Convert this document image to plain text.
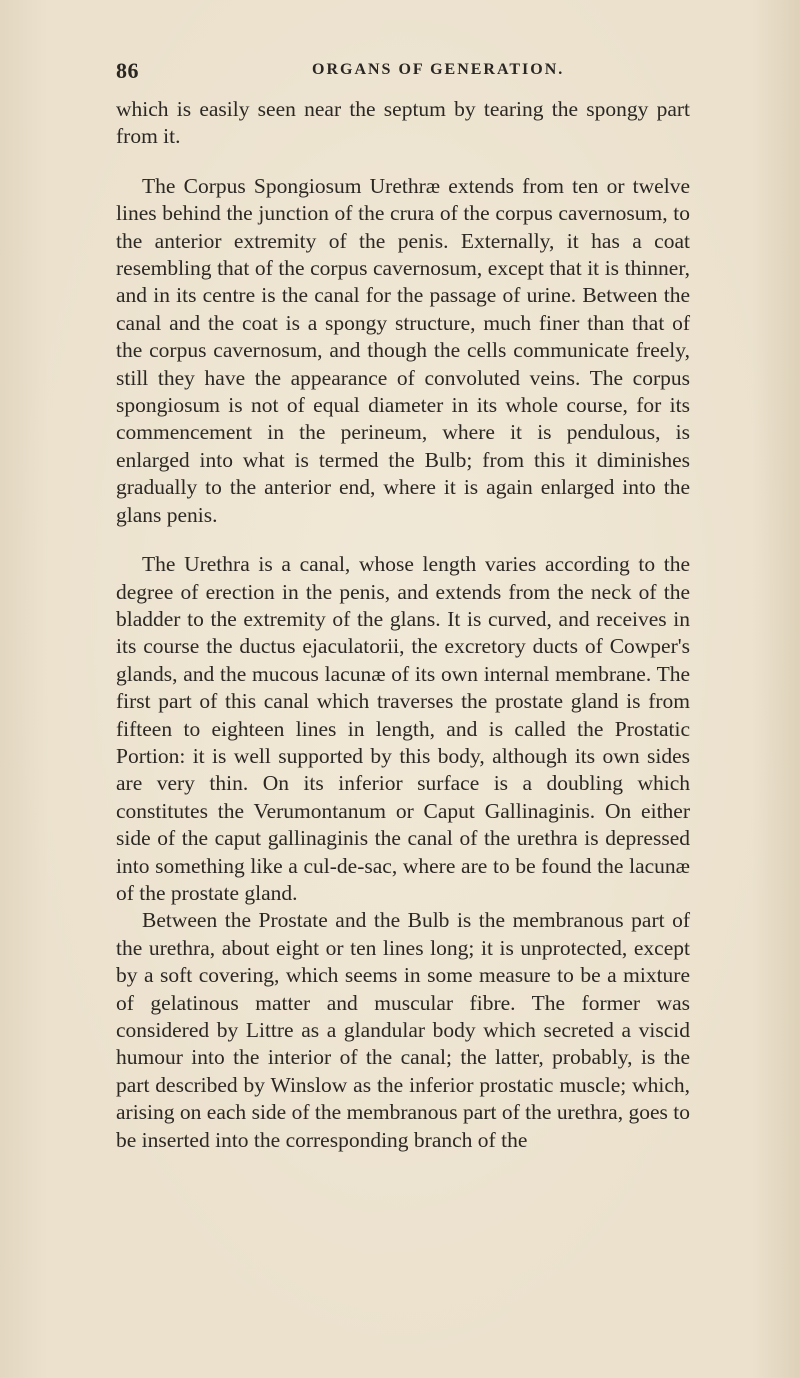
86	ORGANS OF GENERATION.

which is easily seen near the septum by tearing the spongy part from it.

The Corpus Spongiosum Urethræ extends from ten or twelve lines behind the junction of the crura of the corpus cavernosum, to the anterior extremity of the penis. Externally, it has a coat resembling that of the corpus cavernosum, except that it is thinner, and in its centre is the canal for the passage of urine. Between the canal and the coat is a spongy structure, much finer than that of the corpus cavernosum, and though the cells communicate freely, still they have the appearance of convoluted veins. The corpus spongiosum is not of equal diameter in its whole course, for its commencement in the perineum, where it is pendulous, is enlarged into what is termed the Bulb; from this it diminishes gradually to the anterior end, where it is again enlarged into the glans penis.

The Urethra is a canal, whose length varies according to the degree of erection in the penis, and extends from the neck of the bladder to the extremity of the glans. It is curved, and receives in its course the ductus ejaculatorii, the excretory ducts of Cowper's glands, and the mucous lacunæ of its own internal membrane. The first part of this canal which traverses the prostate gland is from fifteen to eighteen lines in length, and is called the Prostatic Portion: it is well supported by this body, although its own sides are very thin. On its inferior surface is a doubling which constitutes the Verumontanum or Caput Gallinaginis. On either side of the caput gallinaginis the canal of the urethra is depressed into something like a cul-de-sac, where are to be found the lacunæ of the prostate gland.

Between the Prostate and the Bulb is the membranous part of the urethra, about eight or ten lines long; it is unprotected, except by a soft covering, which seems in some measure to be a mixture of gelatinous matter and muscular fibre. The former was considered by Littre as a glandular body which secreted a viscid humour into the interior of the canal; the latter, probably, is the part described by Winslow as the inferior prostatic muscle; which, arising on each side of the membranous part of the urethra, goes to be inserted into the corresponding branch of the
